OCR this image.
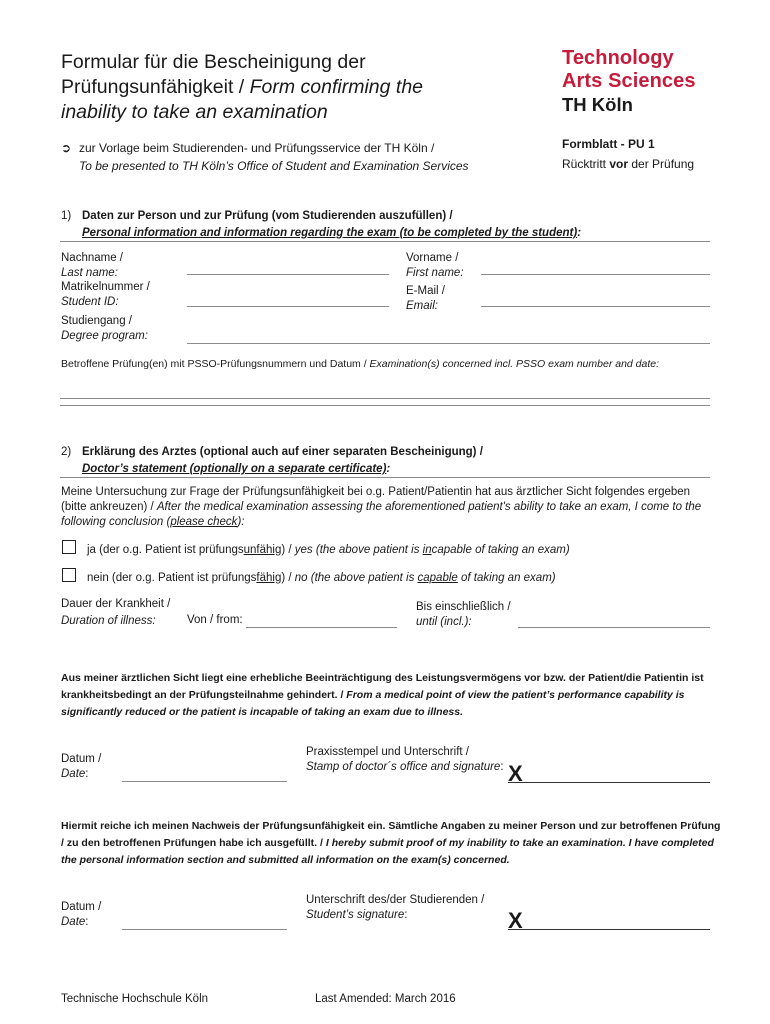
Formular für die Bescheinigung der Prüfungsunfähigkeit / Form confirming the inability to take an examination
Technology
Arts Sciences
TH Köln
➲ zur Vorlage beim Studierenden- und Prüfungsservice der TH Köln /
To be presented to TH Köln’s Office of Student and Examination Services
Formblatt - PU 1
Rücktritt vor der Prüfung
1) Daten zur Person und zur Prüfung (vom Studierenden auszufüllen) /
Personal information and information regarding the exam (to be completed by the student):
Nachname /
Last name:
Vorname /
First name:
Matrikelnummer /
Student ID:
E-Mail /
Email:
Studiengang /
Degree program:
Betroffene Prüfung(en) mit PSSO-Prüfungsnummern und Datum / Examination(s) concerned incl. PSSO exam number and date:
2) Erklärung des Arztes (optional auch auf einer separaten Bescheinigung) /
Doctor’s statement (optionally on a separate certificate):
Meine Untersuchung zur Frage der Prüfungsunfähigkeit bei o.g. Patient/Patientin hat aus ärztlicher Sicht folgendes ergeben (bitte ankreuzen) / After the medical examination assessing the aforementioned patient's ability to take an exam, I come to the following conclusion (please check):
ja (der o.g. Patient ist prüfungsunfähig) / yes (the above patient is incapable of taking an exam)
nein (der o.g. Patient ist prüfungsfähig) / no (the above patient is capable of taking an exam)
Dauer der Krankheit /
Duration of illness:	Von / from:
Bis einschließlich /
until (incl.):
Aus meiner ärztlichen Sicht liegt eine erhebliche Beeinträchtigung des Leistungsvermögens vor bzw. der Patient/die Patientin ist krankheitsbedingt an der Prüfungsteilnahme gehindert. / From a medical point of view the patient’s performance capability is significantly reduced or the patient is incapable of taking an exam due to illness.
Datum /
Date:
Praxisstempel und Unterschrift /
Stamp of doctor´s office and signature: X
Hiermit reiche ich meinen Nachweis der Prüfungsunfähigkeit ein. Sämtliche Angaben zu meiner Person und zur betroffenen Prüfung / zu den betroffenen Prüfungen habe ich ausgefüllt. / I hereby submit proof of my inability to take an examination. I have completed the personal information section and submitted all information on the exam(s) concerned.
Datum /
Date:
Unterschrift des/der Studierenden /
Student’s signature:	X
Technische Hochschule Köln	Last Amended: March 2016
